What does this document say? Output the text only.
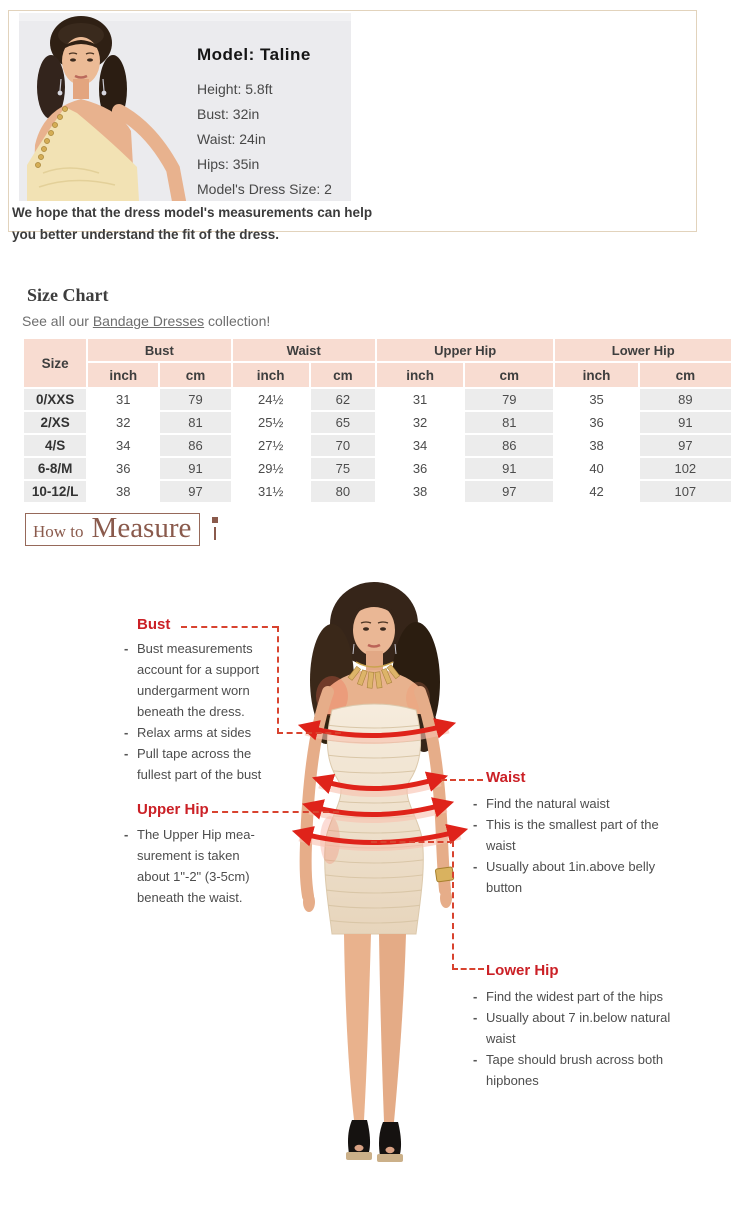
Model: Taline
Height: 5.8ft
Bust: 32in
Waist: 24in
Hips: 35in
Model's Dress Size: 2
We hope that the dress model's measurements can help
you better understand the fit of the dress.
Size Chart

See all our Bandage Dresses collection!

Size	Bust		Waist		Upper Hip		Lower Hip	
	inch	cm	inch	cm	inch	cm	inch	cm
0/XXS	31	79	24½	62	31	79	35	89
2/XS	32	81	25½	65	32	81	36	91
4/S	34	86	27½	70	34	86	38	97
6-8/M	36	91	29½	75	36	91	40	102
10-12/L	38	97	31½	80	38	97	42	107
How to Measure
Bust
- Bust measurements account for a support undergarment worn beneath the dress.
- Relax arms at sides
- Pull tape across the fullest part of the bust
Upper Hip
- The Upper Hip mea-surement is taken about 1"-2" (3-5cm) beneath the waist.
Waist
- Find the natural waist
- This is the smallest part of the waist
- Usually about 1in.above belly button
Lower Hip
- Find the widest part of the hips
- Usually about 7 in.below natural waist
- Tape should brush across both hipbones
